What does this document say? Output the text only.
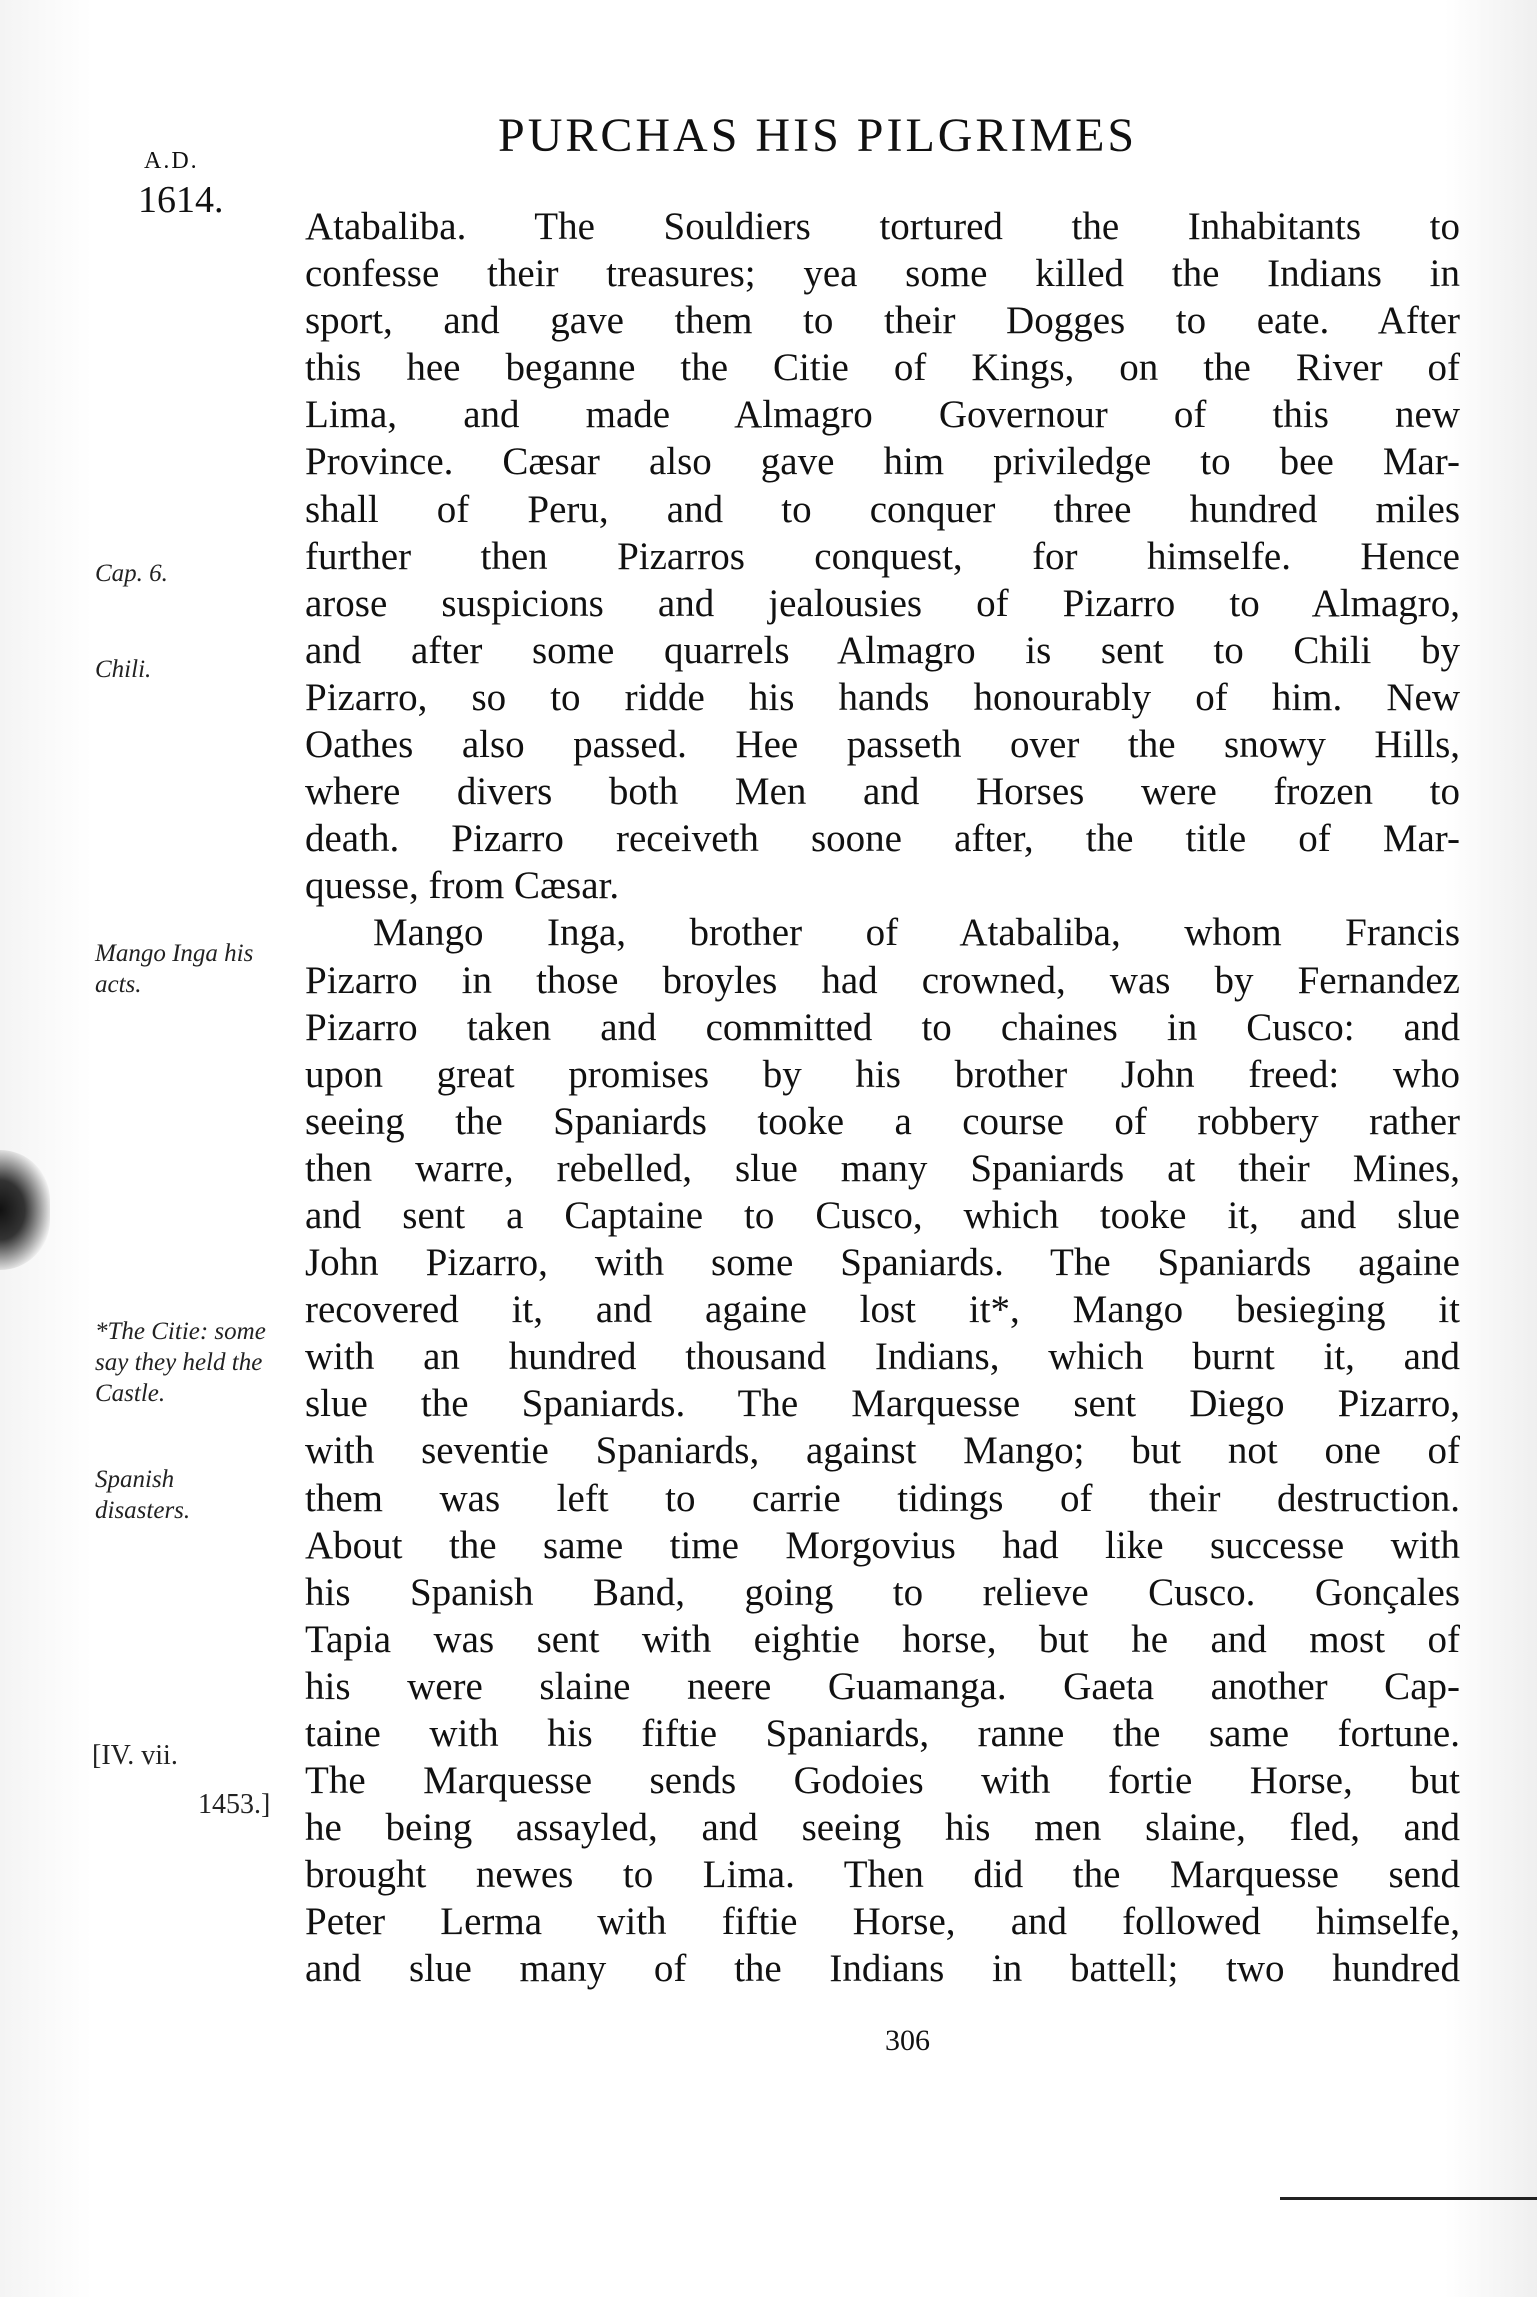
A.D.
1614.
PURCHAS HIS PILGRIMES
Cap. 6.
Chili.
Mango Inga his acts.
*The Citie: some say they held the Castle.
Spanish disasters.
[IV. vii.
1453.]
Atabaliba. The Souldiers tortured the Inhabitants to
confesse their treasures; yea some killed the Indians in
sport, and gave them to their Dogges to eate. After
this hee beganne the Citie of Kings, on the River of
Lima, and made Almagro Governour of this new
Province. Cæsar also gave him priviledge to bee Mar-
shall of Peru, and to conquer three hundred miles
further then Pizarros conquest, for himselfe. Hence
arose suspicions and jealousies of Pizarro to Almagro,
and after some quarrels Almagro is sent to Chili by
Pizarro, so to ridde his hands honourably of him. New
Oathes also passed. Hee passeth over the snowy Hills,
where divers both Men and Horses were frozen to
death. Pizarro receiveth soone after, the title of Mar-
quesse, from Cæsar.
Mango Inga, brother of Atabaliba, whom Francis
Pizarro in those broyles had crowned, was by Fernandez
Pizarro taken and committed to chaines in Cusco: and
upon great promises by his brother John freed: who
seeing the Spaniards tooke a course of robbery rather
then warre, rebelled, slue many Spaniards at their Mines,
and sent a Captaine to Cusco, which tooke it, and slue
John Pizarro, with some Spaniards. The Spaniards againe
recovered it, and againe lost it*, Mango besieging it
with an hundred thousand Indians, which burnt it, and
slue the Spaniards. The Marquesse sent Diego Pizarro,
with seventie Spaniards, against Mango; but not one of
them was left to carrie tidings of their destruction.
About the same time Morgovius had like successe with
his Spanish Band, going to relieve Cusco. Gonçales
Tapia was sent with eightie horse, but he and most of
his were slaine neere Guamanga. Gaeta another Cap-
taine with his fiftie Spaniards, ranne the same fortune.
The Marquesse sends Godoies with fortie Horse, but
he being assayled, and seeing his men slaine, fled, and
brought newes to Lima. Then did the Marquesse send
Peter Lerma with fiftie Horse, and followed himselfe,
and slue many of the Indians in battell; two hundred
306
